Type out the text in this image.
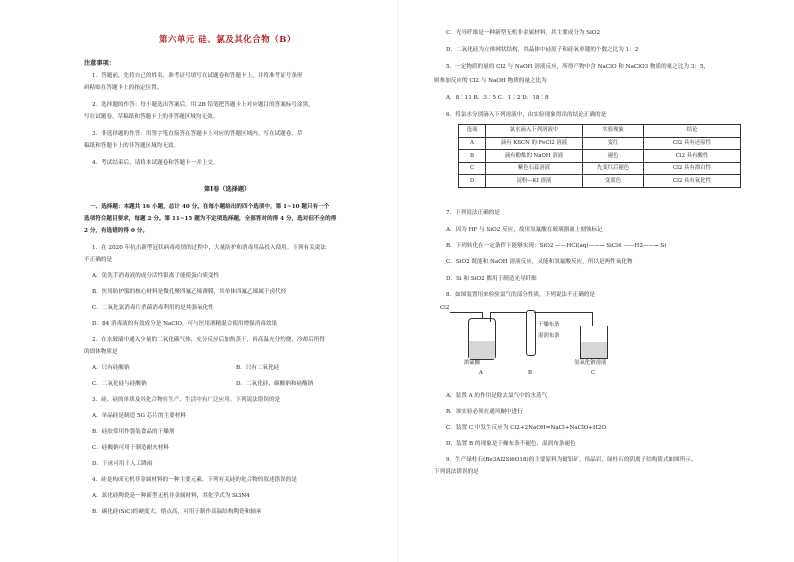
第六单元 硅、氯及其化合物（B）
注意事项：
1．答题前，先将自己的姓名、准考证号填写在试题卷和答题卡上，并将准考证号条形
码粘贴在答题卡上的指定位置。
2．选择题的作答：每小题选出答案后，用 2B 铅笔把答题卡上对应题目的答案标号涂黑，
写在试题卷、草稿纸和答题卡上的非答题区域均无效。
3．非选择题的作答：用签字笔直接答在答题卡上对应的答题区域内。写在试题卷、草
稿纸和答题卡上的非答题区域均无效。
4．考试结束后，请将本试题卷和答题卡一并上交。
第Ⅰ卷（选择题）
一、选择题：本题共 16 小题，总计 40 分。在每小题给出的四个选项中，第 1~10 题只有一个
选项符合题目要求，每题 2 分。第 11~15 题为不定项选择题，全部答对的得 4 分，选对但不全的得
2 分，有选错的得 0 分。
1．在 2020 年抗击新型冠状病毒疫情的过程中，大量防护和消毒用品投入使用。下列有关说法
不正确的是
A．免洗手消毒液的成分活性银离子能使蛋白质变性
B．医用防护服的核心材料是微孔聚四氟乙烯薄膜，其单体四氟乙烯属于卤代烃
C．二氧化氯消毒片杀菌消毒利用的是其强氧化性
D．84 消毒液的有效成分是 NaClO，可与医用酒精混合使用增强消毒效果
2．在水玻璃中通入少量的二氧化碳气体，充分反应后加热蒸干，再高温充分灼烧，冷却后所得
的固体物质是
A．只有硅酸钠	B．只有二氧化硅
C．二氧化硅与硅酸钠	D．二氧化硅、碳酸钠和硅酸钠
3．硅、硅的单质及其化合物在生产、生活中有广泛应用。下列说法错误的是
A．单晶硅是制造 5G 芯片的主要材料
B．硅胶常用作袋装食品的干燥剂
C．硅酸钠可用于制造耐火材料
D．干冰可用于人工降雨
4．硅是构成无机非金属材料的一种主要元素，下列有关硅的化合物的叙述错误的是
A．氮化硅陶瓷是一种新型无机非金属材料，其化学式为 Si3N4
B．碳化硅(SiC)的硬度大，熔点高，可用于制作高温结构陶瓷和轴承
C．光导纤维是一种新型无机非金属材料，其主要成分为 SiO2
D．二氧化硅为立体网状结构，其晶体中硅原子和硅氧单键的个数之比为 1：2
5．一定物质的量的 Cl2 与 NaOH 溶液反应，所得产物中含 NaClO 和 NaClO3 物质的量之比为 3：5，
则参加反应的 Cl2 与 NaOH 物质的量之比为
A．8∶11 B．3∶5 C．1∶2 D．18∶8
6．将氯水分别滴入下列溶液中，由实验现象得出的结论正确的是
选项	氯水滴入下列溶液中	实验现象	结论
A	滴有 KSCN 的 FeCl2 溶液	变红	Cl2 具有还原性
B	滴有酚酞的 NaOH 溶液	褪色	Cl2 具有酸性
C	紫色石蕊溶液	先变红后褪色	Cl2 具有漂白性
D	淀粉—KI 溶液	变蓝色	Cl2 具有氧化性
7．下列说法正确的是
A．因为 HF 与 SiO2 反应，故用氢氟酸在玻璃器皿上刻蚀标记
B．下列转化在一定条件下能够实现：SiO2 ——HCl(aq)——→ SiCl4 ——H2——→ Si
C．SiO2 既能和 NaOH 溶液反应，又能和氢氟酸反应，所以是两性氧化物
D．Si 和 SiO2 都用于制造光导纤维
8．如图装置用来检验氯气的部分性质，下列说法不正确的是
Cl2
干燥布条
湿润布条
浓硫酸	氢氧化钠溶液
A	B	C
A．装置 A 的作用是除去氯气中的水蒸气
B．该实验必须在通风橱中进行
C．装置 C 中发生反应为 Cl2+2NaOH=NaCl+NaClO+H2O
D．装置 B 的现象是干燥布条不褪色，湿润布条褪色
9．生产绿柱石(Be3Al2Si6O18)的主要原料为铍铝矿，伟晶岩，绿柱石的阴离子结构简式如图所示。
下列说法错误的是
